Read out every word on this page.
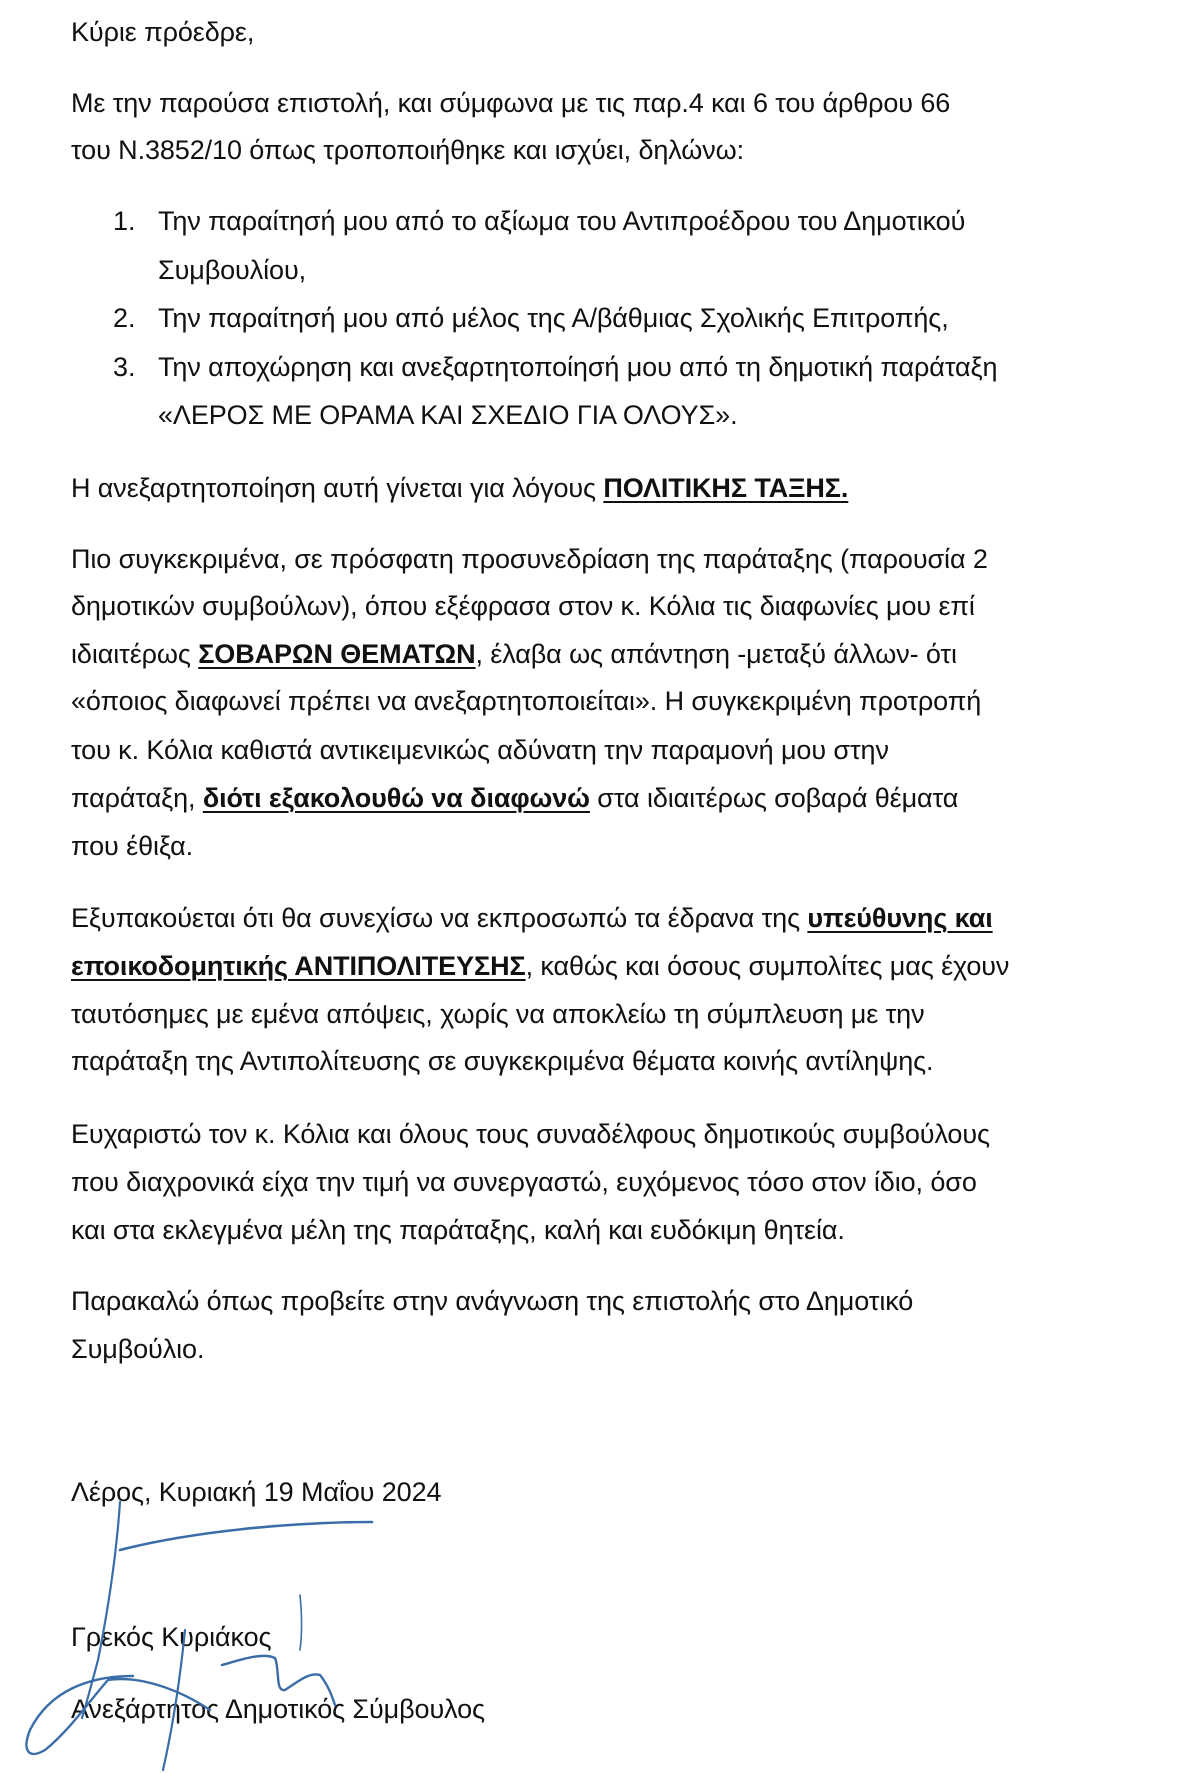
Κύριε πρόεδρε,
Με την παρούσα επιστολή, και σύμφωνα με τις παρ.4 και 6 του άρθρου 66
του Ν.3852/10 όπως τροποποιήθηκε και ισχύει, δηλώνω:
1. Την παραίτησή μου από το αξίωμα του Αντιπροέδρου του Δημοτικού
Συμβουλίου,
2. Την παραίτησή μου από μέλος της Α/βάθμιας Σχολικής Επιτροπής,
3. Την αποχώρηση και ανεξαρτητοποίησή μου από τη δημοτική παράταξη
«ΛΕΡΟΣ ΜΕ ΟΡΑΜΑ ΚΑΙ ΣΧΕΔΙΟ ΓΙΑ ΟΛΟΥΣ».
Η ανεξαρτητοποίηση αυτή γίνεται για λόγους ΠΟΛΙΤΙΚΗΣ ΤΑΞΗΣ.
Πιο συγκεκριμένα, σε πρόσφατη προσυνεδρίαση της παράταξης (παρουσία 2
δημοτικών συμβούλων), όπου εξέφρασα στον κ. Κόλια τις διαφωνίες μου επί
ιδιαιτέρως ΣΟΒΑΡΩΝ ΘΕΜΑΤΩΝ, έλαβα ως απάντηση -μεταξύ άλλων- ότι
«όποιος διαφωνεί πρέπει να ανεξαρτητοποιείται». Η συγκεκριμένη προτροπή
του κ. Κόλια καθιστά αντικειμενικώς αδύνατη την παραμονή μου στην
παράταξη, διότι εξακολουθώ να διαφωνώ στα ιδιαιτέρως σοβαρά θέματα
που έθιξα.
Εξυπακούεται ότι θα συνεχίσω να εκπροσωπώ τα έδρανα της υπεύθυνης και
εποικοδομητικής ΑΝΤΙΠΟΛΙΤΕΥΣΗΣ, καθώς και όσους συμπολίτες μας έχουν
ταυτόσημες με εμένα απόψεις, χωρίς να αποκλείω τη σύμπλευση με την
παράταξη της Αντιπολίτευσης σε συγκεκριμένα θέματα κοινής αντίληψης.
Ευχαριστώ τον κ. Κόλια και όλους τους συναδέλφους δημοτικούς συμβούλους
που διαχρονικά είχα την τιμή να συνεργαστώ, ευχόμενος τόσο στον ίδιο, όσο
και στα εκλεγμένα μέλη της παράταξης, καλή και ευδόκιμη θητεία.
Παρακαλώ όπως προβείτε στην ανάγνωση της επιστολής στο Δημοτικό
Συμβούλιο.
Λέρος, Κυριακή 19 Μαΐου 2024
Γρεκός Κυριάκος
Ανεξάρτητος Δημοτικός Σύμβουλος
